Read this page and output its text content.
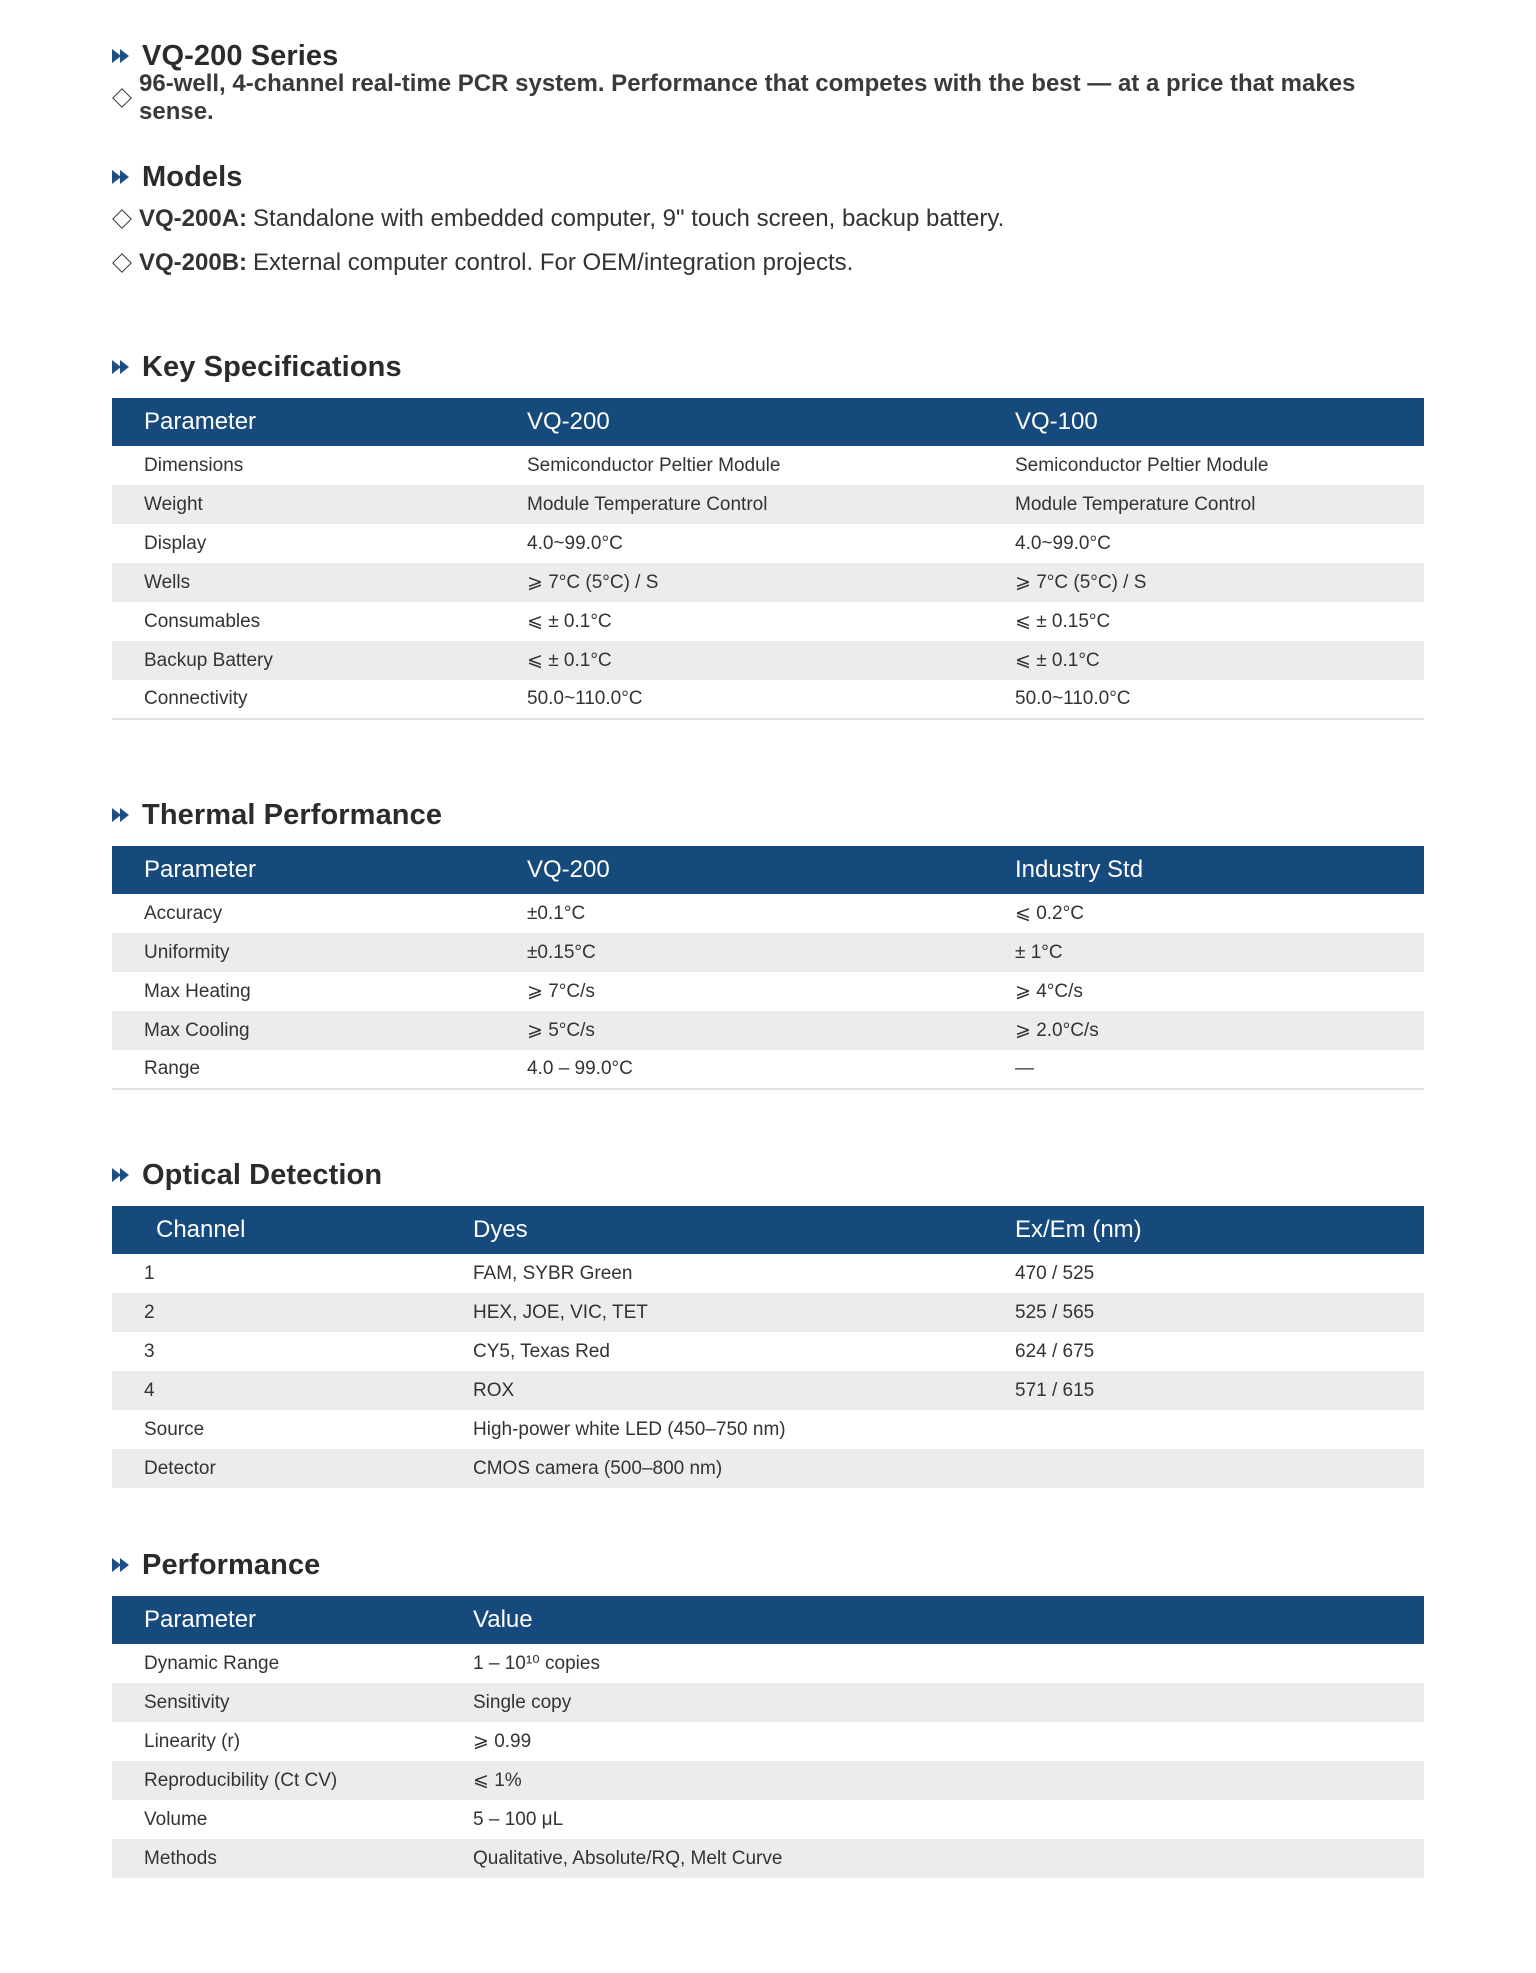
VQ-200 Series
96-well, 4-channel real-time PCR system. Performance that competes with the best — at a price that makes sense.
Models
VQ-200A: Standalone with embedded computer, 9" touch screen, backup battery.
VQ-200B: External computer control. For OEM/integration projects.
Key Specifications
Parameter	VQ-200	VQ-100
Dimensions	Semiconductor Peltier Module	Semiconductor Peltier Module
Weight	Module Temperature Control	Module Temperature Control
Display	4.0~99.0°C	4.0~99.0°C
Wells	⩾ 7°C (5°C) / S	⩾ 7°C (5°C) / S
Consumables	⩽ ± 0.1°C	⩽ ± 0.15°C
Backup Battery	⩽ ± 0.1°C	⩽ ± 0.1°C
Connectivity	50.0~110.0°C	50.0~110.0°C
Thermal Performance
Parameter	VQ-200	Industry Std
Accuracy	±0.1°C	⩽ 0.2°C
Uniformity	±0.15°C	± 1°C
Max Heating	⩾ 7°C/s	⩾ 4°C/s
Max Cooling	⩾ 5°C/s	⩾ 2.0°C/s
Range	4.0 – 99.0°C	—
Optical Detection
Channel	Dyes	Ex/Em (nm)
1	FAM, SYBR Green	470 / 525
2	HEX, JOE, VIC, TET	525 / 565
3	CY5, Texas Red	624 / 675
4	ROX	571 / 615
Source	High-power white LED (450–750 nm)	
Detector	CMOS camera (500–800 nm)	
Performance
Parameter	Value
Dynamic Range	1 – 10¹⁰ copies
Sensitivity	Single copy
Linearity (r)	⩾ 0.99
Reproducibility (Ct CV)	⩽ 1%
Volume	5 – 100 μL
Methods	Qualitative, Absolute/RQ, Melt Curve
